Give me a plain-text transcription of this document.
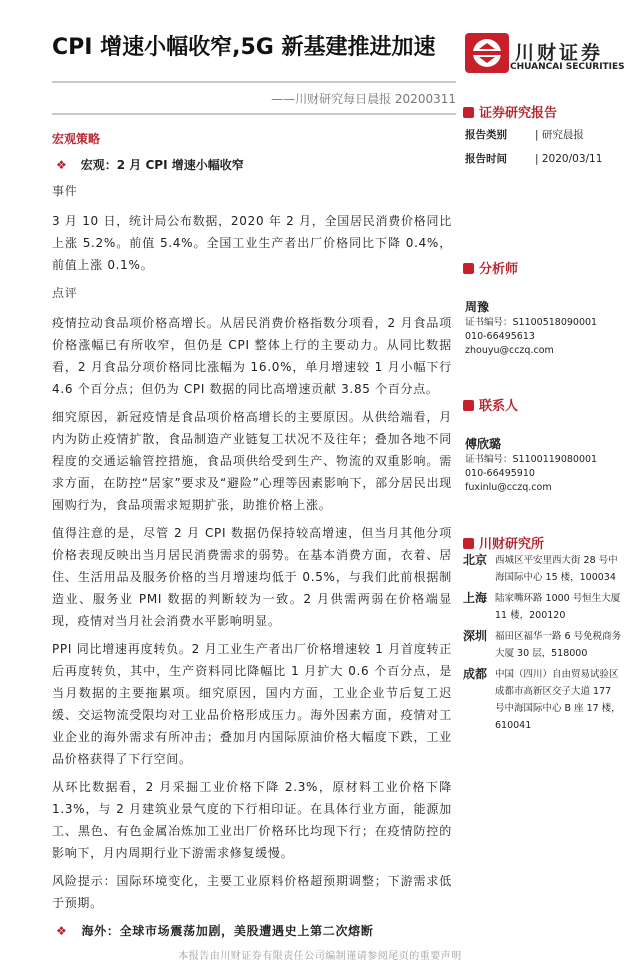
CPI 增速小幅收窄,5G 新基建推进加速
——川财研究每日晨报 20200311
川财证券
CHUANCAI SECURITIES
宏观策略
❖ 宏观：2 月 CPI 增速小幅收窄

事件

3 月 10 日，统计局公布数据，2020 年 2 月，全国居民消费价格同比上涨 5.2%。前值 5.4%。全国工业生产者出厂价格同比下降 0.4%，前值上涨 0.1%。

点评

疫情拉动食品项价格高增长。从居民消费价格指数分项看，2 月食品项价格涨幅已有所收窄，但仍是 CPI 整体上行的主要动力。从同比数据看，2 月食品分项价格同比涨幅为 16.0%，单月增速较 1 月小幅下行 4.6 个百分点；但仍为 CPI 数据的同比高增速贡献 3.85 个百分点。

细究原因，新冠疫情是食品项价格高增长的主要原因。从供给端看，月内为防止疫情扩散，食品制造产业链复工状况不及往年；叠加各地不同程度的交通运输管控措施，食品项供给受到生产、物流的双重影响。需求方面，在防控“居家”要求及“避险”心理等因素影响下，部分居民出现囤购行为，食品项需求短期扩张，助推价格上涨。

值得注意的是，尽管 2 月 CPI 数据仍保持较高增速，但当月其他分项价格表现反映出当月居民消费需求的弱势。在基本消费方面，衣着、居住、生活用品及服务价格的当月增速均低于 0.5%，与我们此前根据制造业、服务业 PMI 数据的判断较为一致。2 月供需两弱在价格端显现，疫情对当月社会消费水平影响明显。

PPI 同比增速再度转负。2 月工业生产者出厂价格增速较 1 月首度转正后再度转负，其中，生产资料同比降幅比 1 月扩大 0.6 个百分点，是当月数据的主要拖累项。细究原因，国内方面，工业企业节后复工迟缓、交运物流受限均对工业品价格形成压力。海外因素方面，疫情对工业企业的海外需求有所冲击；叠加月内国际原油价格大幅度下跌，工业品价格获得了下行空间。

从环比数据看，2 月采掘工业价格下降 2.3%，原材料工业价格下降 1.3%，与 2 月建筑业景气度的下行相印证。在具体行业方面，能源加工、黑色、有色金属冶炼加工业出厂价格环比均现下行；在疫情防控的影响下，月内周期行业下游需求修复缓慢。

风险提示：国际环境变化，主要工业原料价格超预期调整；下游需求低于预期。

❖ 海外：全球市场震荡加剧，美股遭遇史上第二次熔断
本报告由川财证券有限责任公司编制谨请参阅尾页的重要声明
证券研究报告
报告类别	| 研究晨报
报告时间	| 2020/03/11
分析师
周豫
证书编号：S1100518090001
010-66495613
zhouyu@cczq.com
联系人
傅欣璐
证书编号：S1100119080001
010-66495910
fuxinlu@cczq.com
川财研究所
北京 西城区平安里西大街 28 号中海国际中心 15 楼，100034
上海 陆家嘴环路 1000 号恒生大厦 11 楼，200120
深圳 福田区福华一路 6 号免税商务大厦 30 层，518000
成都 中国（四川）自由贸易试验区成都市高新区交子大道 177 号中海国际中心 B 座 17 楼，610041
